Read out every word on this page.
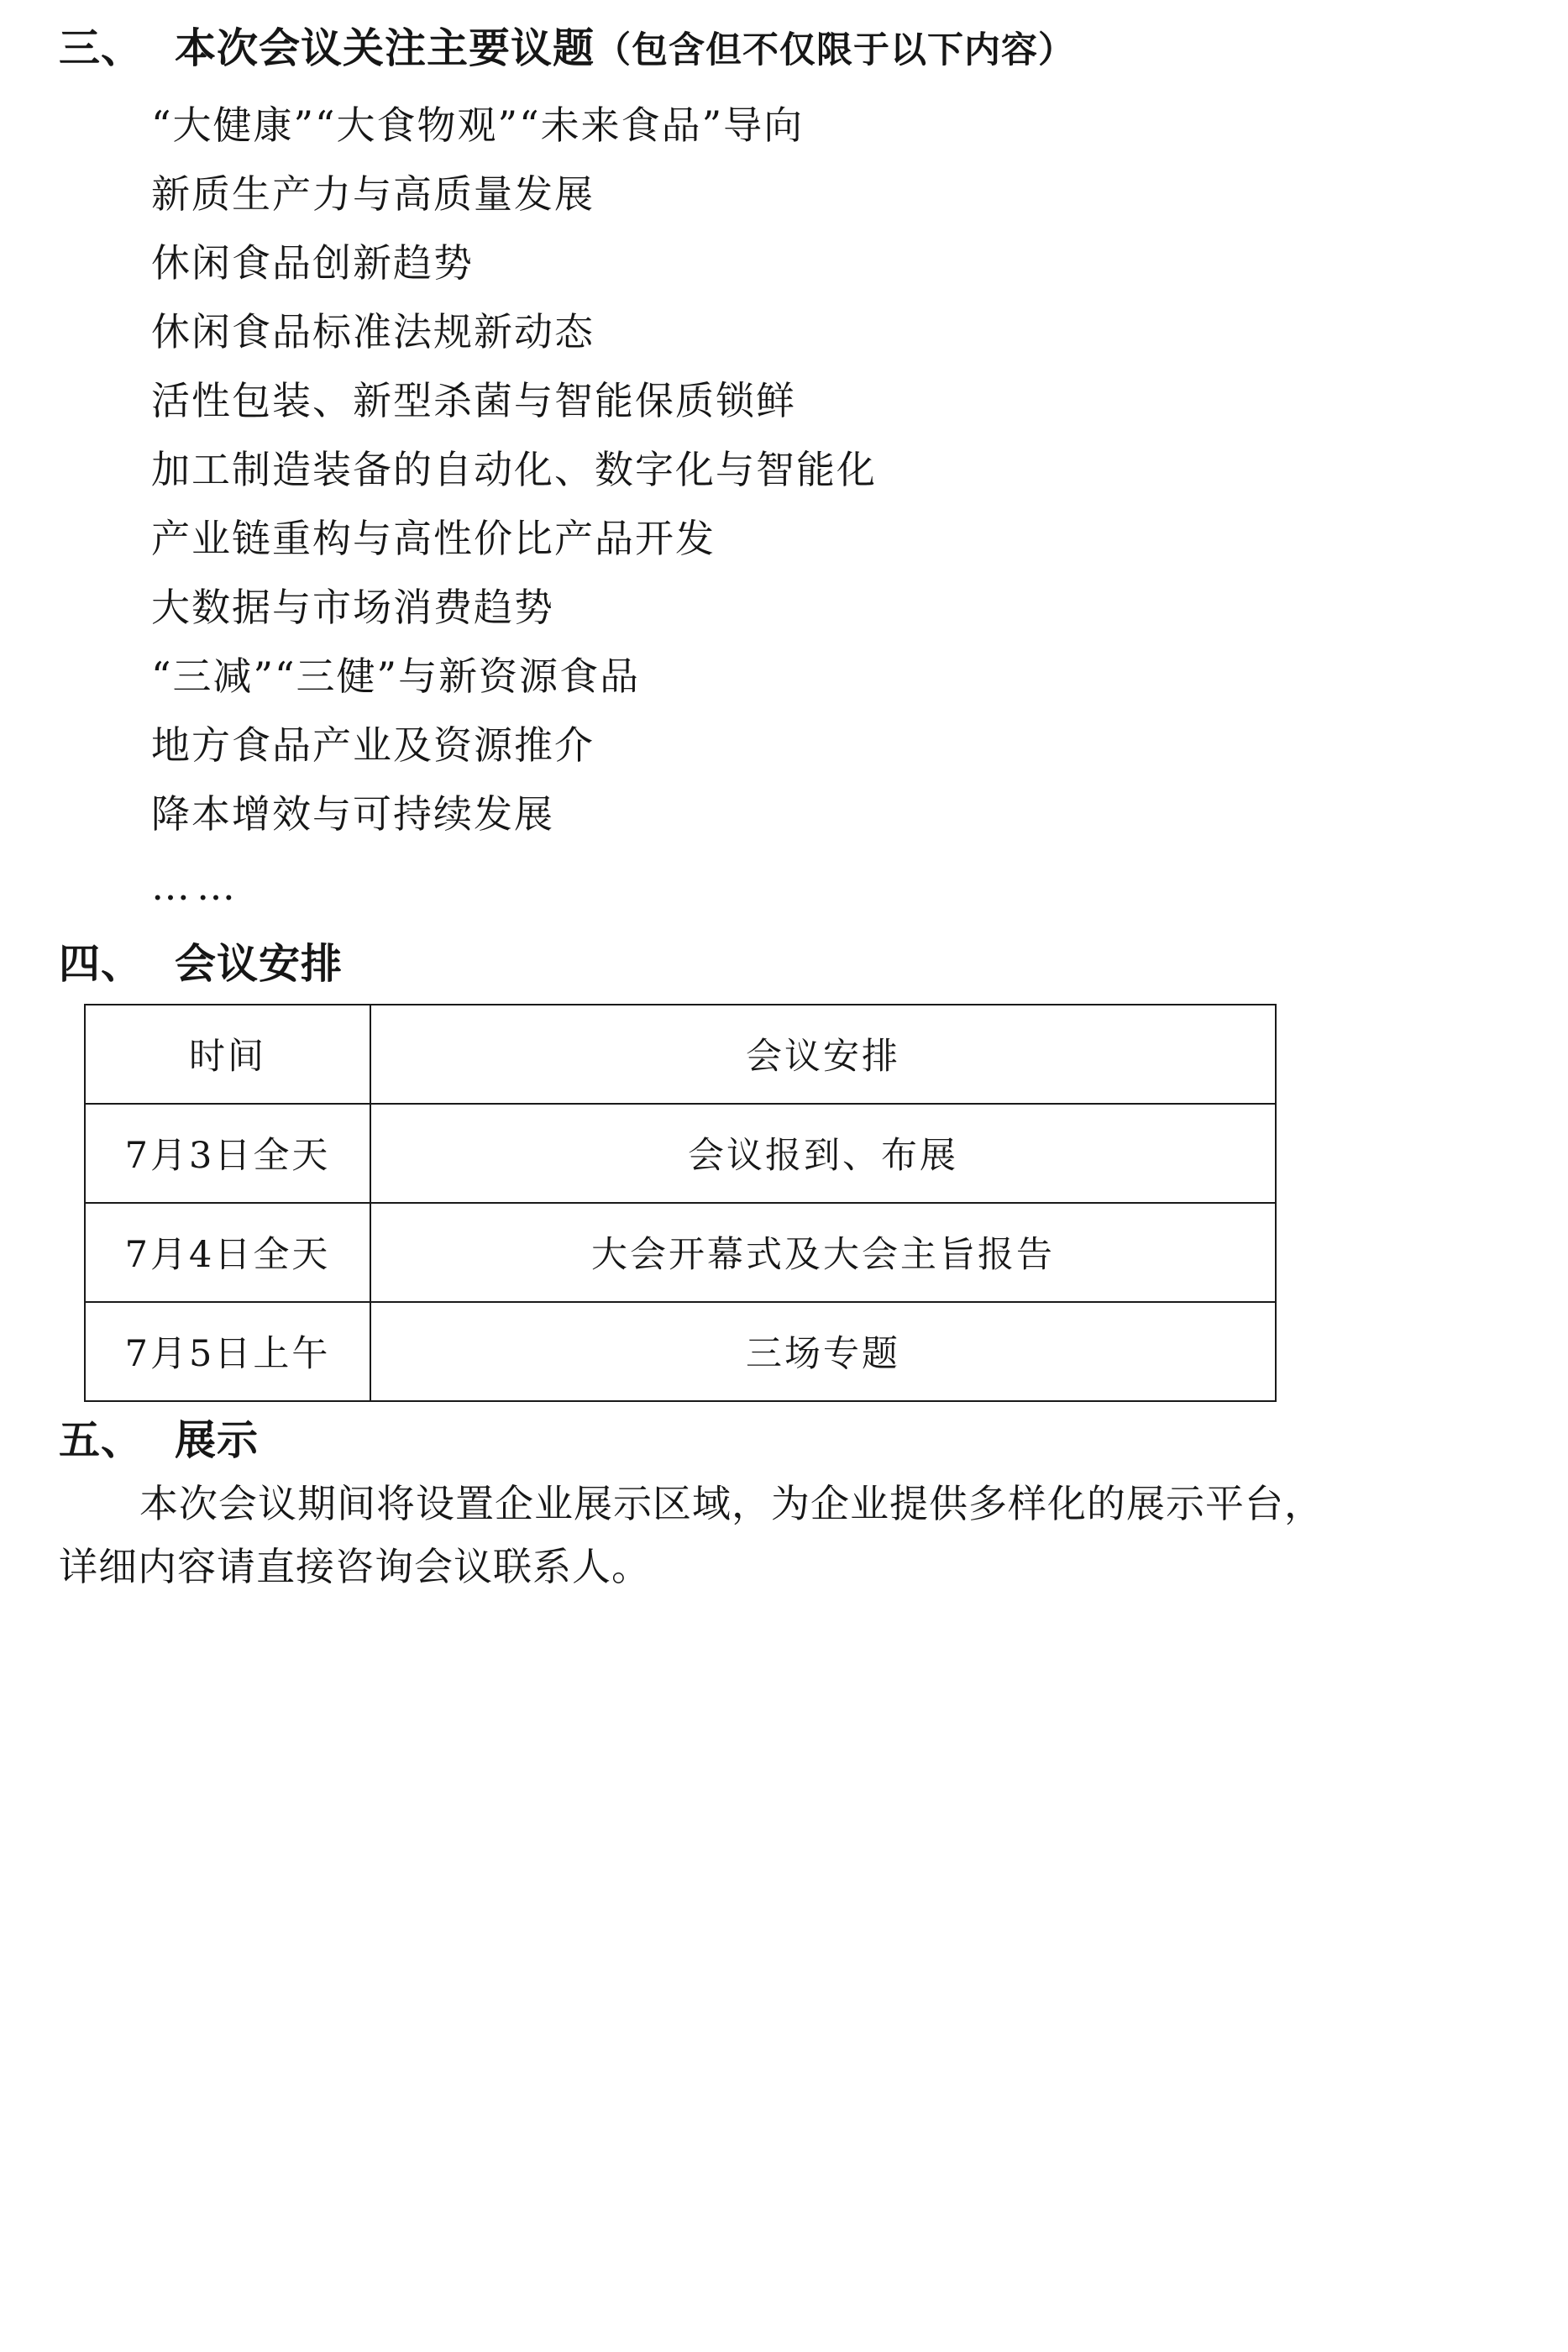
三、 本次会议关注主要议题（包含但不仅限于以下内容）
“大健康”“大食物观”“未来食品”导向
新质生产力与高质量发展
休闲食品创新趋势
休闲食品标准法规新动态
活性包装、新型杀菌与智能保质锁鲜
加工制造装备的自动化、数字化与智能化
产业链重构与高性价比产品开发
大数据与市场消费趋势
“三减”“三健”与新资源食品
地方食品产业及资源推介
降本增效与可持续发展
……
四、 会议安排
时间	会议安排
7月3日全天	会议报到、布展
7月4日全天	大会开幕式及大会主旨报告
7月5日上午	三场专题
五、 展示

本次会议期间将设置企业展示区域，为企业提供多样化的展示平台，详细内容请直接咨询会议联系人。
